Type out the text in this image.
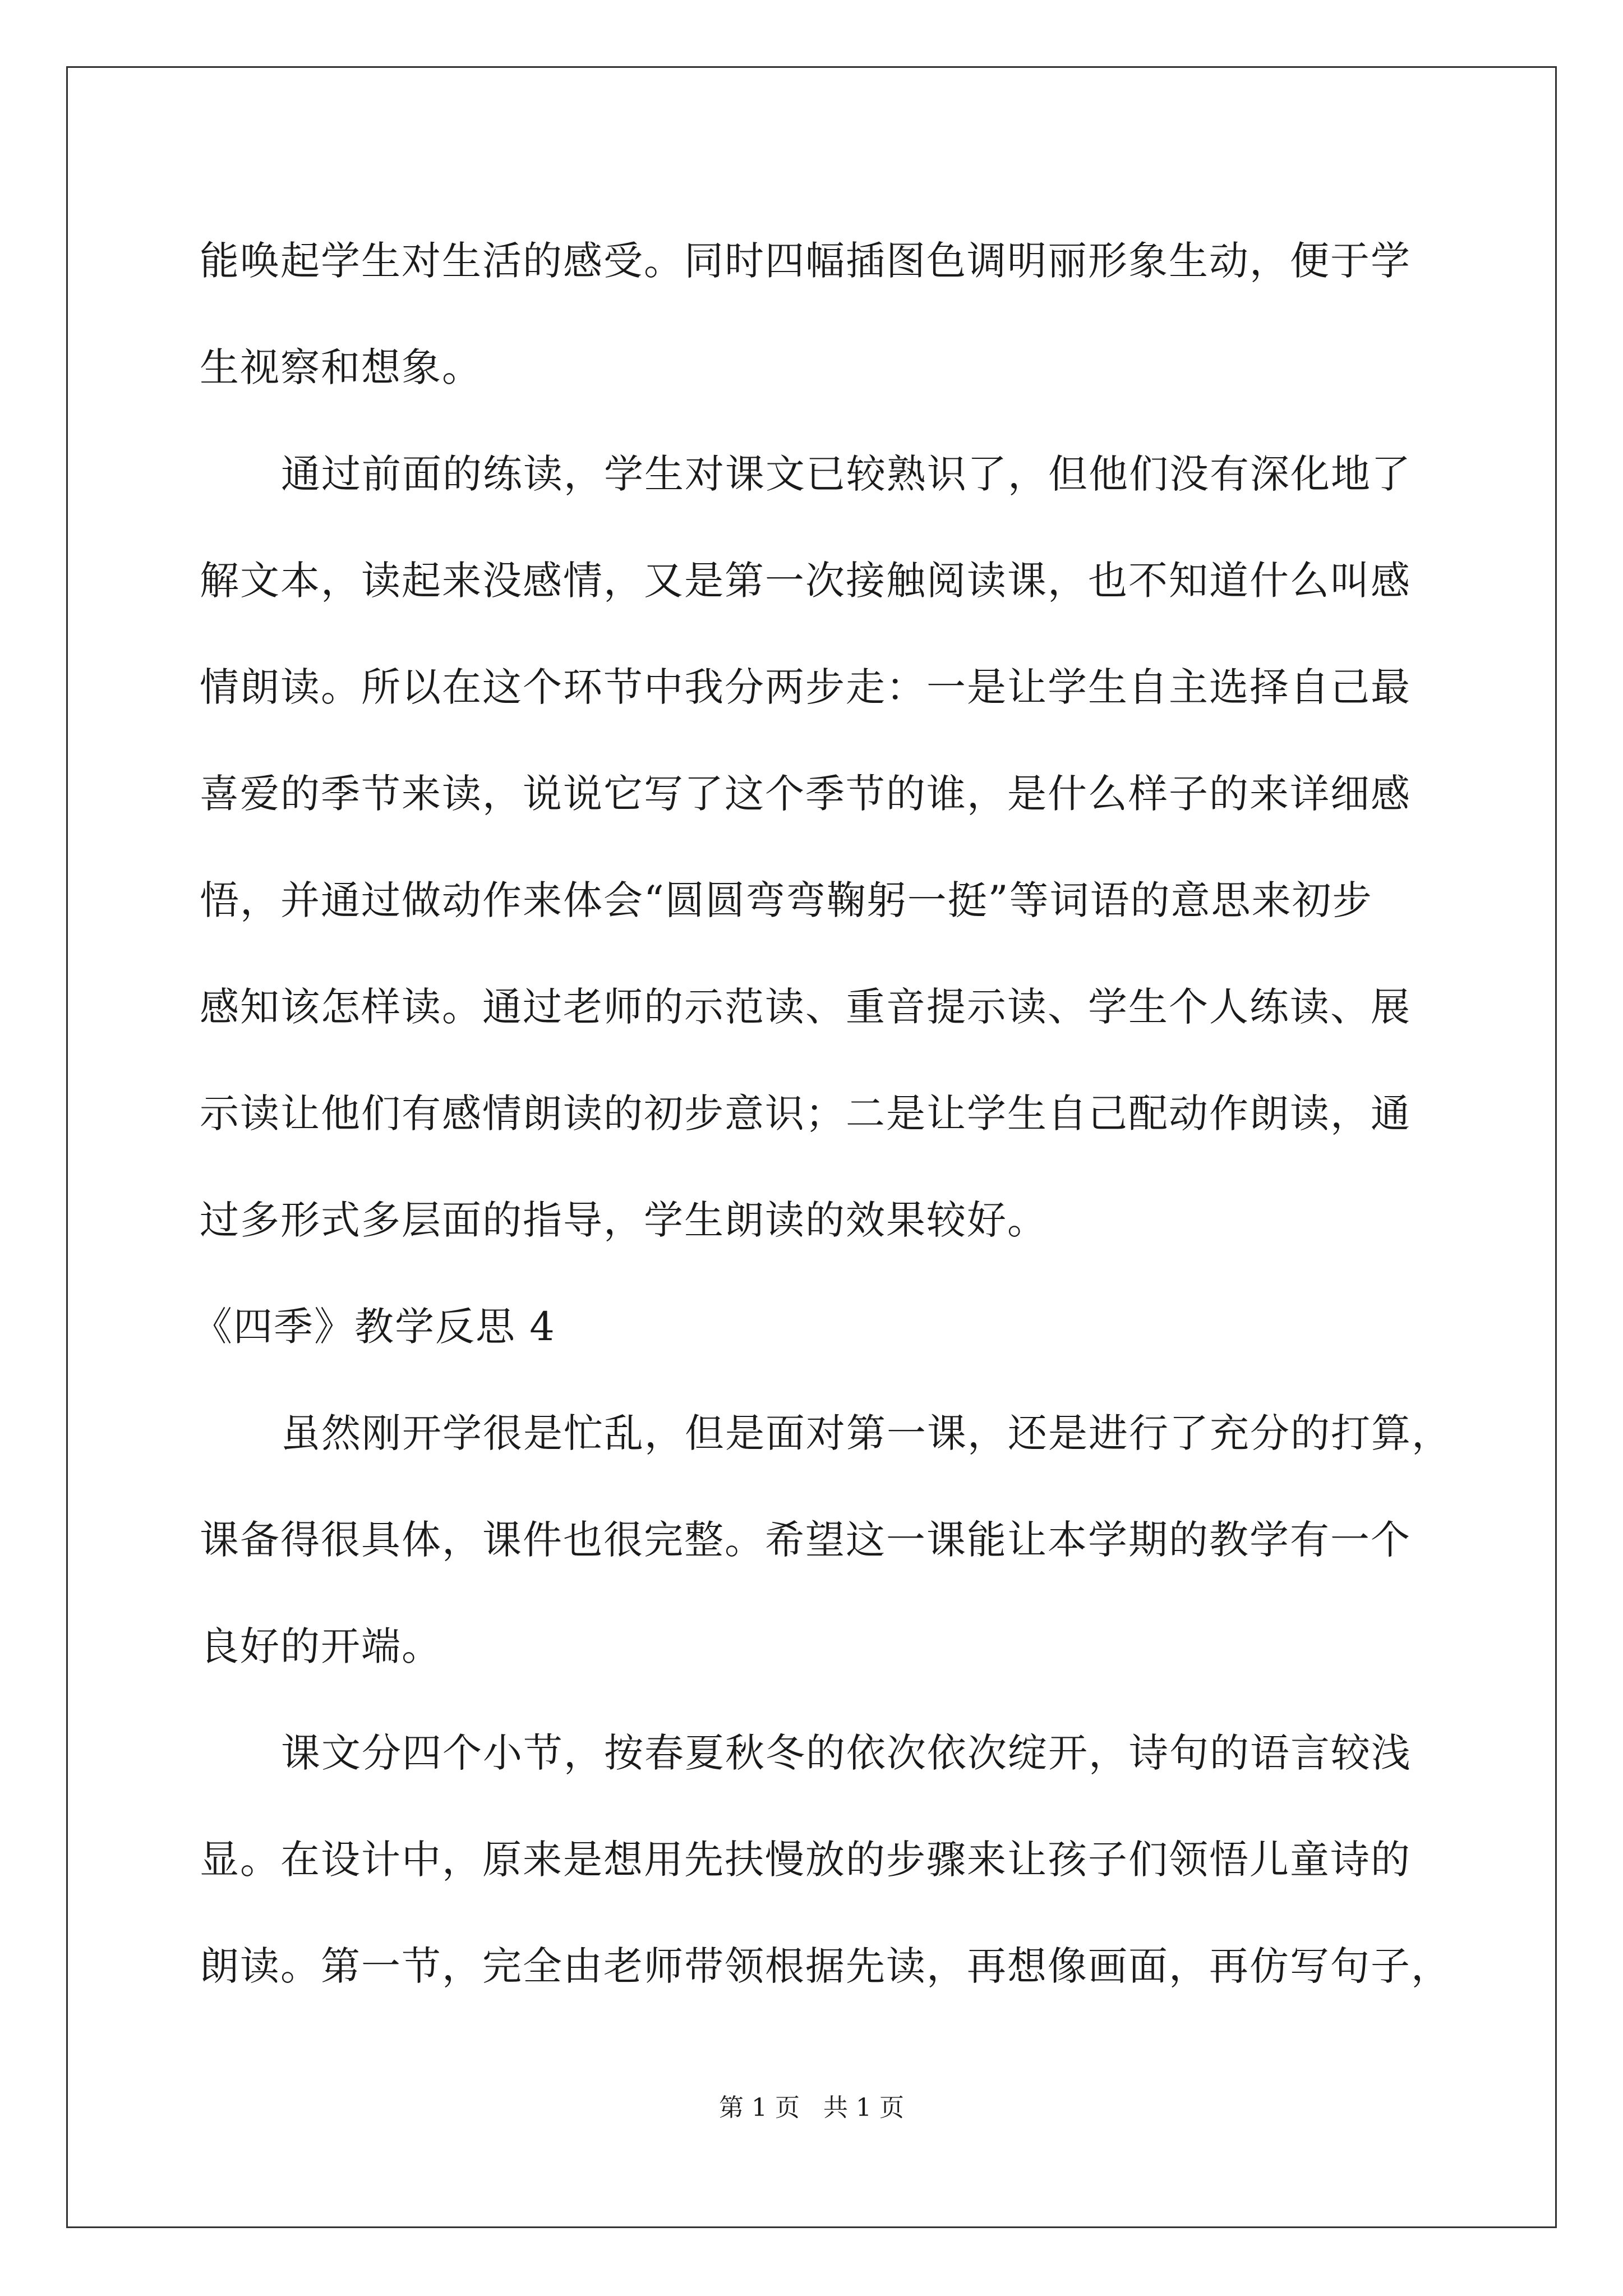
能唤起学生对生活的感受。同时四幅插图色调明丽形象生动，便于学
生视察和想象。
通过前面的练读，学生对课文已较熟识了，但他们没有深化地了
解文本，读起来没感情，又是第一次接触阅读课，也不知道什么叫感
情朗读。所以在这个环节中我分两步走：一是让学生自主选择自己最
喜爱的季节来读，说说它写了这个季节的谁，是什么样子的来详细感
悟，并通过做动作来体会“圆圆弯弯鞠躬一挺”等词语的意思来初步
感知该怎样读。通过老师的示范读、重音提示读、学生个人练读、展
示读让他们有感情朗读的初步意识；二是让学生自己配动作朗读，通
过多形式多层面的指导，学生朗读的效果较好。
《四季》教学反思 4
虽然刚开学很是忙乱，但是面对第一课，还是进行了充分的打算，
课备得很具体，课件也很完整。希望这一课能让本学期的教学有一个
良好的开端。
课文分四个小节，按春夏秋冬的依次依次绽开，诗句的语言较浅
显。在设计中，原来是想用先扶慢放的步骤来让孩子们领悟儿童诗的
朗读。第一节，完全由老师带领根据先读，再想像画面，再仿写句子，
第 1 页   共 1 页
